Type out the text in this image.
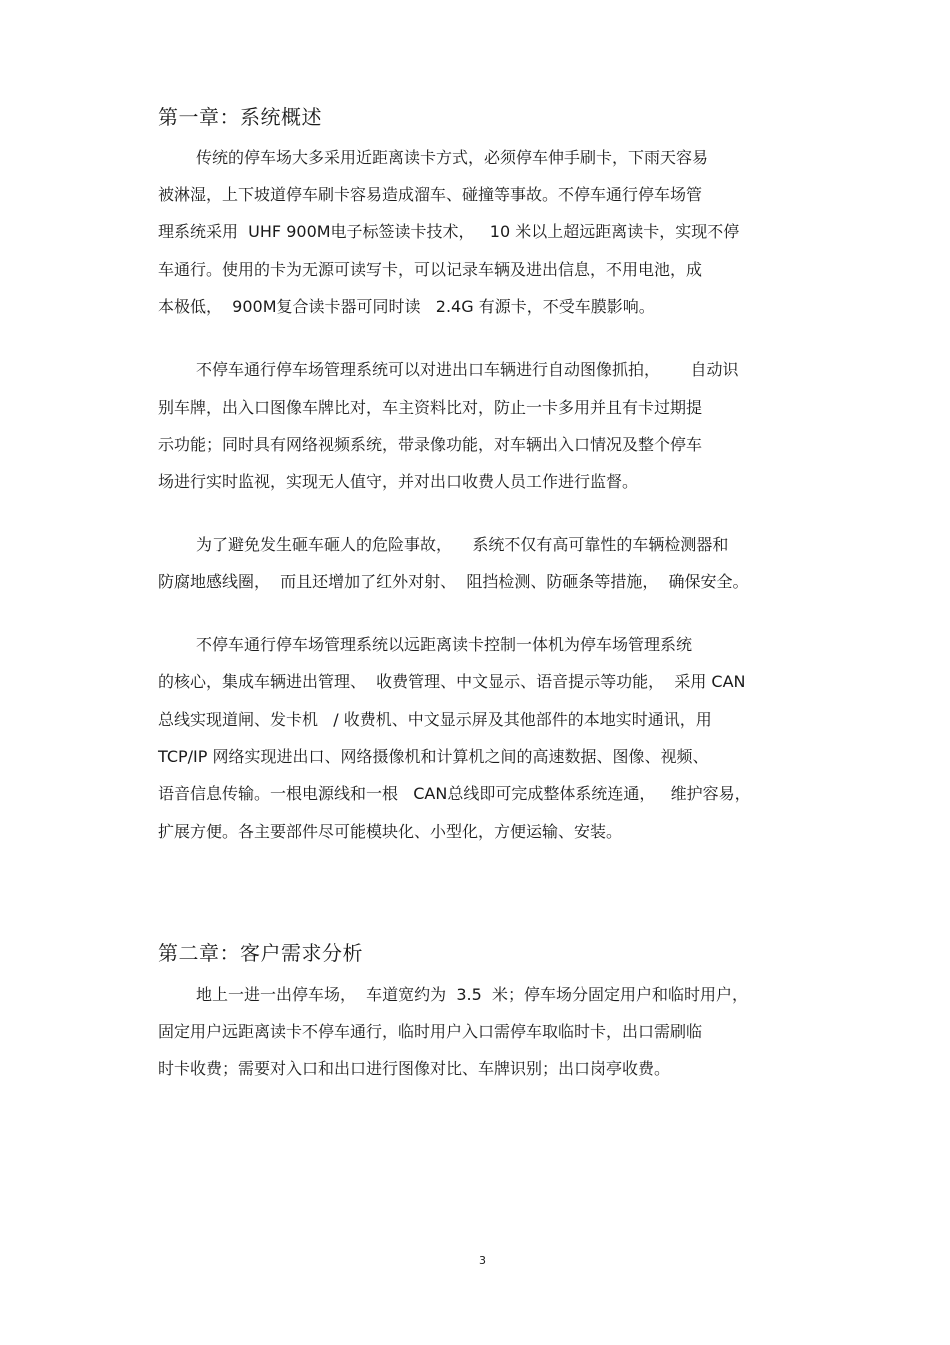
第一章：系统概述

传统的停车场大多采用近距离读卡方式，必须停车伸手刷卡，下雨天容易

被淋湿，上下坡道停车刷卡容易造成溜车、碰撞等事故。不停车通行停车场管

理系统采用  UHF 900M电子标签读卡技术，   10 米以上超远距离读卡，实现不停

车通行。使用的卡为无源可读写卡，可以记录车辆及进出信息，不用电池，成

本极低，  900M复合读卡器可同时读   2.4G 有源卡，不受车膜影响。

不停车通行停车场管理系统可以对进出口车辆进行自动图像抓拍，      自动识

别车牌，出入口图像车牌比对，车主资料比对，防止一卡多用并且有卡过期提

示功能；同时具有网络视频系统，带录像功能，对车辆出入口情况及整个停车

场进行实时监视，实现无人值守，并对出口收费人员工作进行监督。

为了避免发生砸车砸人的危险事故，    系统不仅有高可靠性的车辆检测器和

防腐地感线圈，  而且还增加了红外对射、  阻挡检测、防砸条等措施，  确保安全。

不停车通行停车场管理系统以远距离读卡控制一体机为停车场管理系统

的核心，集成车辆进出管理、  收费管理、中文显示、语音提示等功能，  采用 CAN

总线实现道闸、发卡机   / 收费机、中文显示屏及其他部件的本地实时通讯，用

TCP/IP 网络实现进出口、网络摄像机和计算机之间的高速数据、图像、视频、

语音信息传输。一根电源线和一根   CAN总线即可完成整体系统连通，   维护容易，

扩展方便。各主要部件尽可能模块化、小型化，方便运输、安装。

第二章：客户需求分析

地上一进一出停车场，  车道宽约为  3.5  米；停车场分固定用户和临时用户，

固定用户远距离读卡不停车通行，临时用户入口需停车取临时卡，出口需刷临

时卡收费；需要对入口和出口进行图像对比、车牌识别；出口岗亭收费。

3
